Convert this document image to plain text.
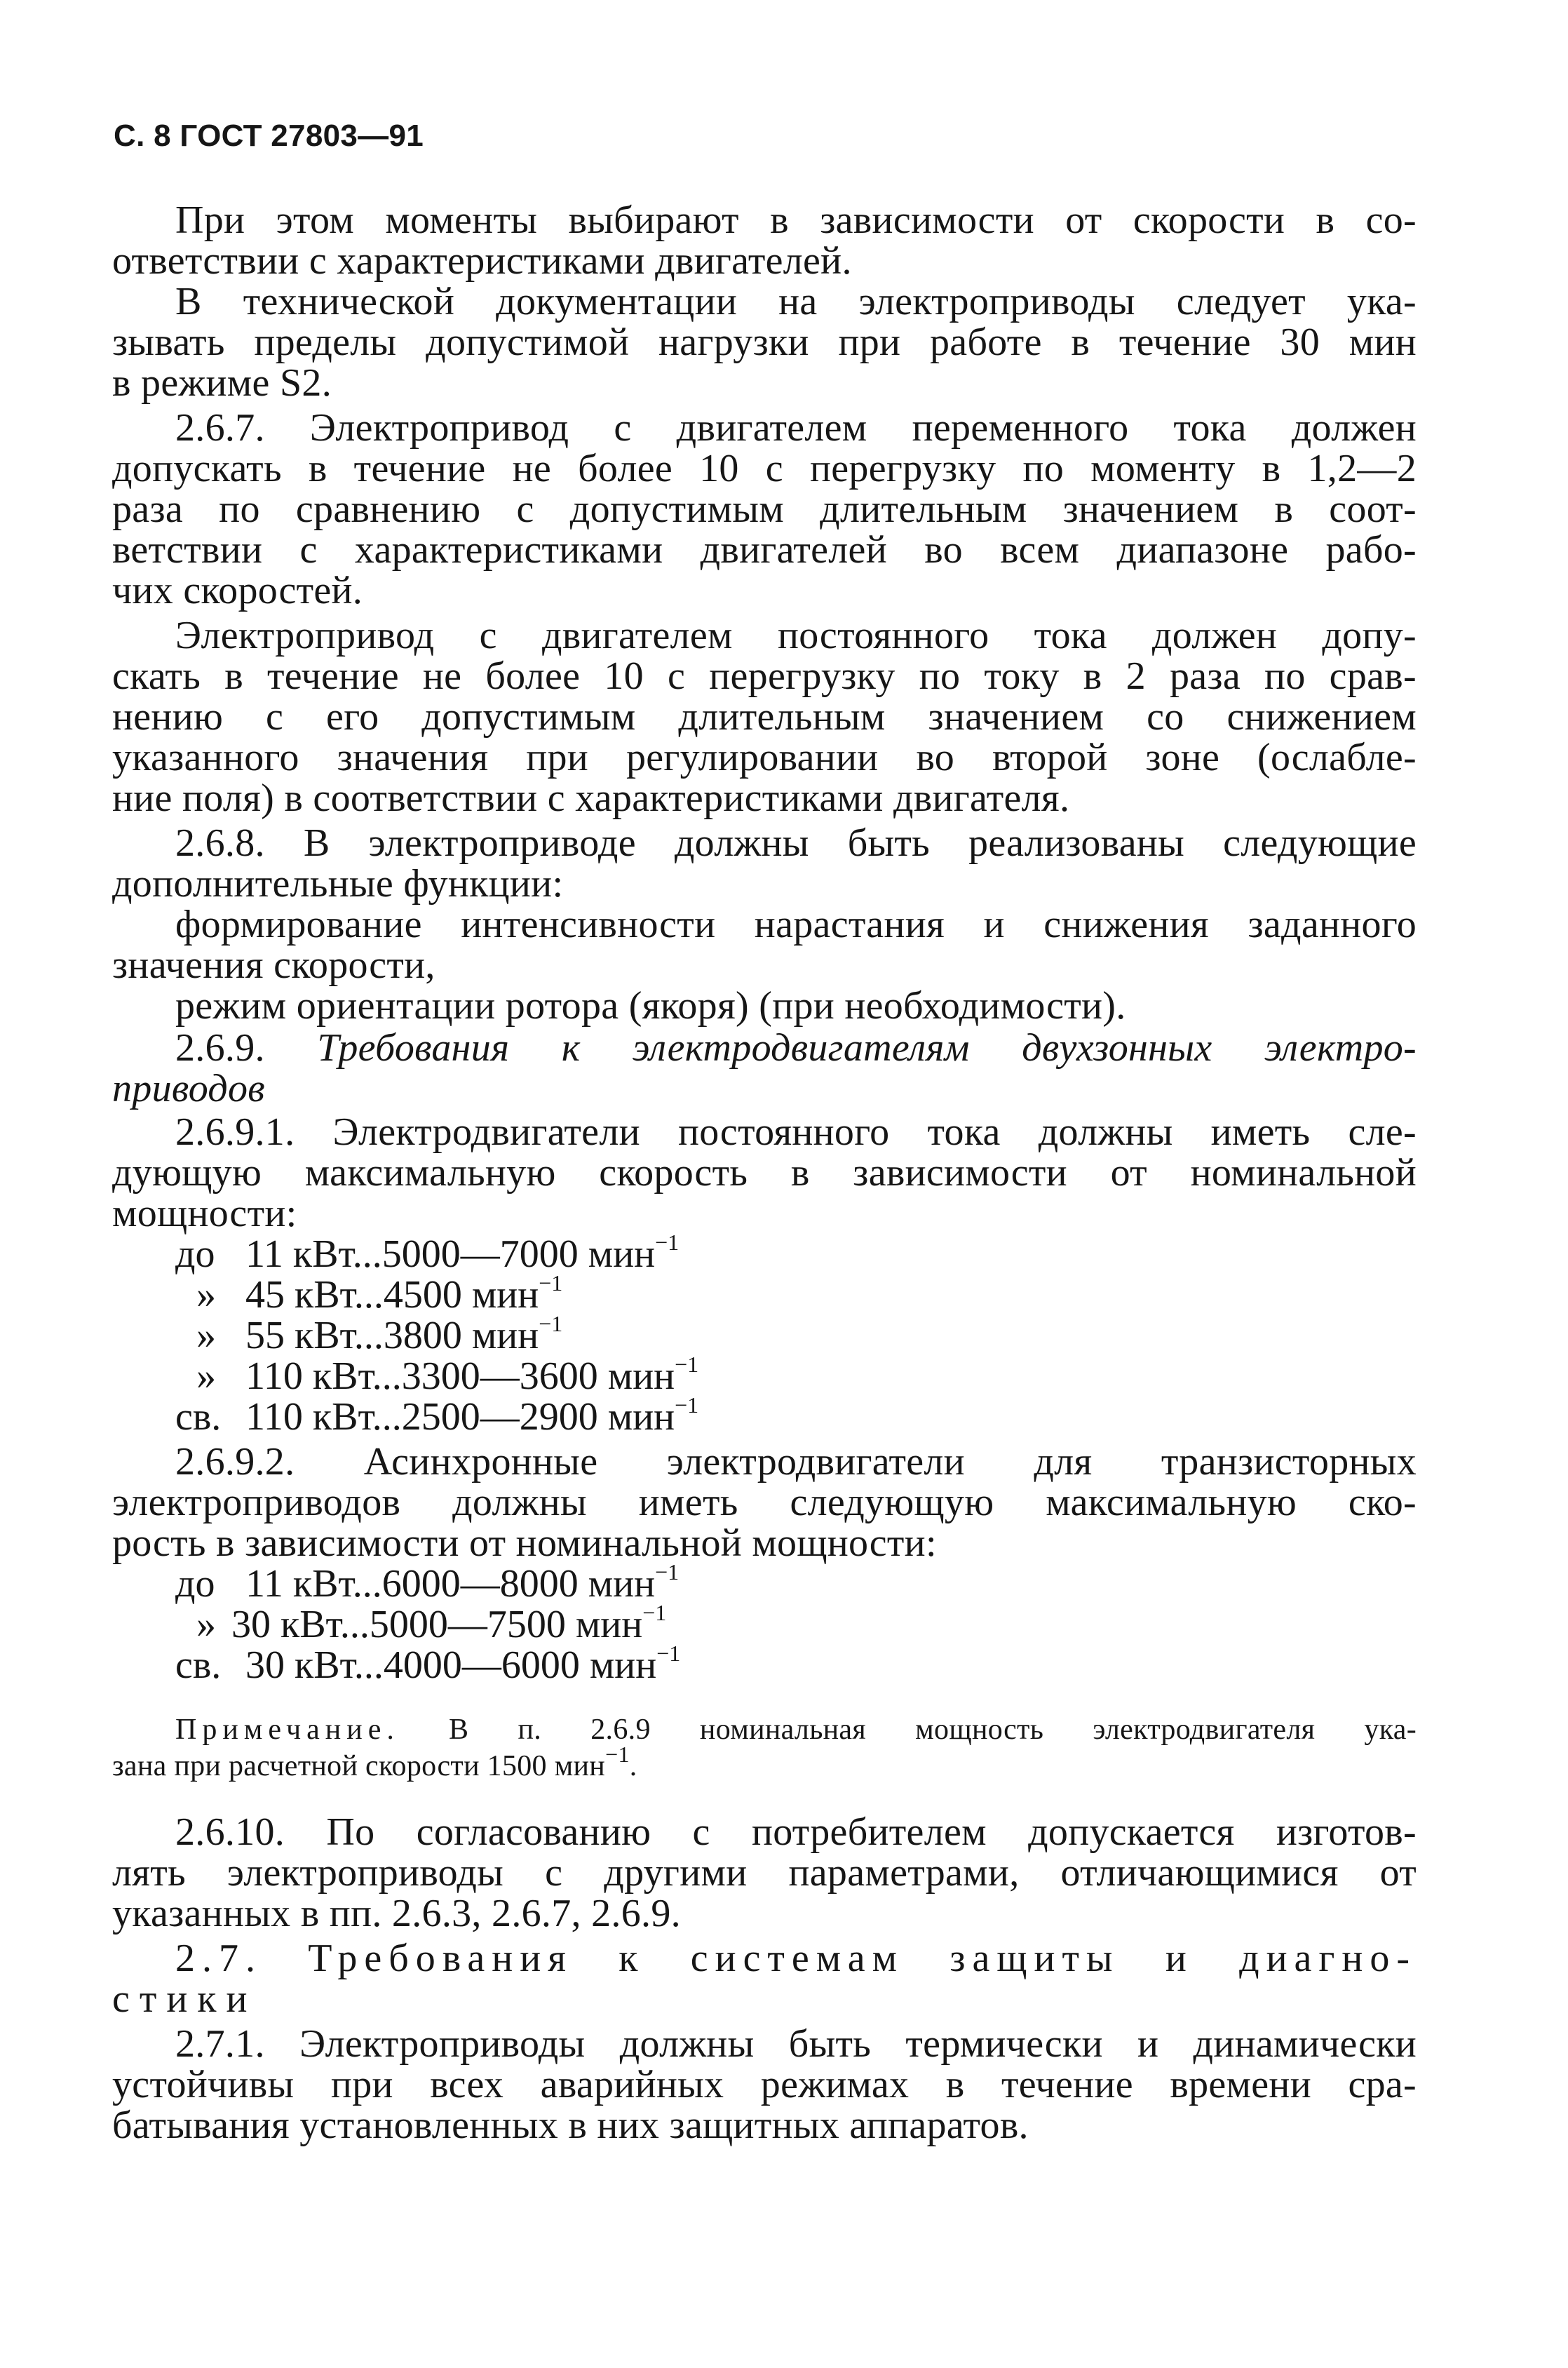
С. 8 ГОСТ 27803—91
При этом моменты выбирают в зависимости от скорости в со-
ответствии с характеристиками двигателей.
В технической документации на электроприводы следует ука-
зывать пределы допустимой нагрузки при работе в течение 30 мин
в режиме S2.
2.6.7. Электропривод с двигателем переменного тока должен
допускать в течение не более 10 с перегрузку по моменту в 1,2—2
раза по сравнению с допустимым длительным значением в соот-
ветствии с характеристиками двигателей во всем диапазоне рабо-
чих скоростей.
Электропривод с двигателем постоянного тока должен допу-
скать в течение не более 10 с перегрузку по току в 2 раза по срав-
нению с его допустимым длительным значением со снижением
указанного значения при регулировании во второй зоне (ослабле-
ние поля) в соответствии с характеристиками двигателя.
2.6.8. В электроприводе должны быть реализованы следующие
дополнительные функции:
формирование интенсивности нарастания и снижения заданного
значения скорости,
режим ориентации ротора (якоря) (при необходимости).
2.6.9. Требования к электродвигателям двухзонных электро-
приводов
2.6.9.1. Электродвигатели постоянного тока должны иметь сле-
дующую максимальную скорость в зависимости от номинальной
мощности:
до 11 кВт...5000—7000 мин$^{-1}$
» 45 кВт...4500 мин$^{-1}$
» 55 кВт...3800 мин$^{-1}$
» 110 кВт...3300—3600 мин$^{-1}$
св. 110 кВт...2500—2900 мин$^{-1}$
2.6.9.2. Асинхронные электродвигатели для транзисторных
электроприводов должны иметь следующую максимальную ско-
рость в зависимости от номинальной мощности:
до 11 кВт...6000—8000 мин$^{-1}$
» 30 кВт...5000—7500 мин$^{-1}$
св. 30 кВт...4000—6000 мин$^{-1}$
Примечание. В п. 2.6.9 номинальная мощность электродвигателя ука-
зана при расчетной скорости 1500 мин$^{-1}$.
2.6.10. По согласованию с потребителем допускается изготов-
лять электроприводы с другими параметрами, отличающимися от
указанных в пп. 2.6.3, 2.6.7, 2.6.9.
2.7. Требования к системам защиты и диагно-
стики
2.7.1. Электроприводы должны быть термически и динамически
устойчивы при всех аварийных режимах в течение времени сра-
батывания установленных в них защитных аппаратов.
